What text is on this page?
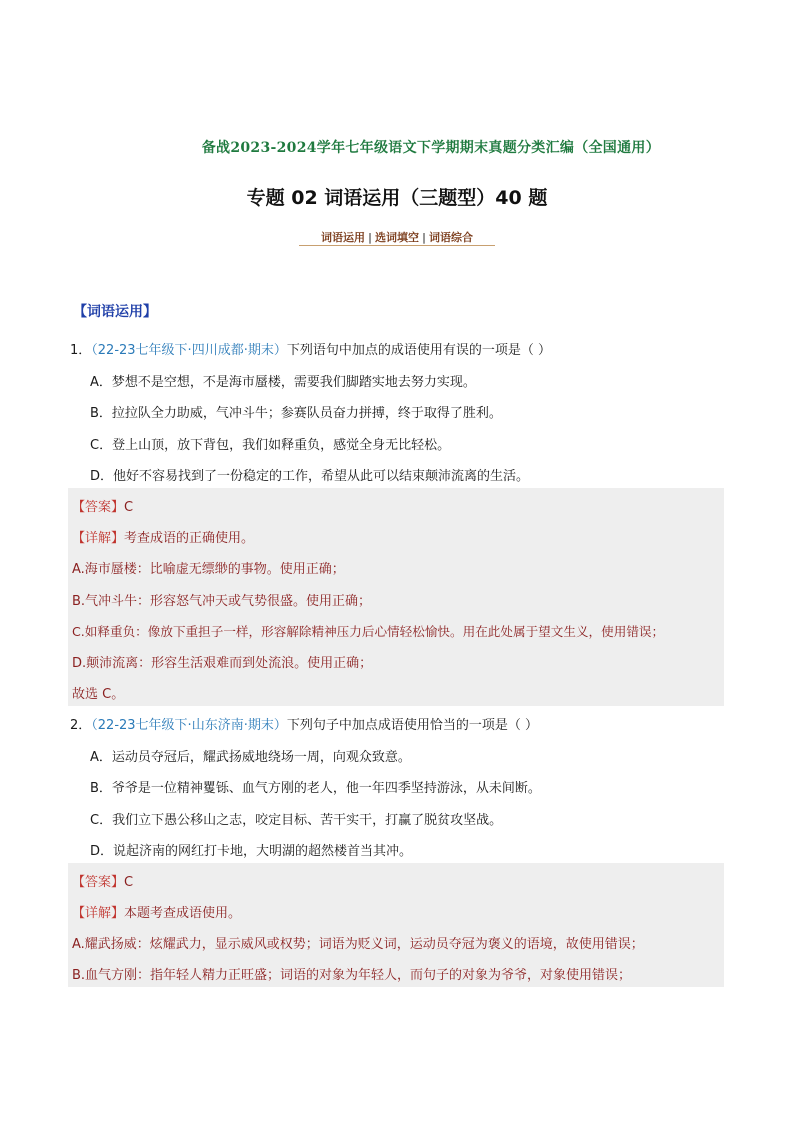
备战2023-2024学年七年级语文下学期期末真题分类汇编（全国通用）
专题 02 词语运用（三题型）40 题
词语运用 | 选词填空 | 词语综合
【词语运用】
1．（22-23七年级下·四川成都·期末）下列语句中加点的成语使用有误的一项是（ ）
A．梦想不是空想，不是海市蜃楼，需要我们脚踏实地去努力实现。
B．拉拉队全力助威，气冲斗牛；参赛队员奋力拼搏，终于取得了胜利。
C．登上山顶，放下背包，我们如释重负，感觉全身无比轻松。
D．他好不容易找到了一份稳定的工作，希望从此可以结束颠沛流离的生活。
【答案】C
【详解】考查成语的正确使用。
A.海市蜃楼：比喻虚无缥缈的事物。使用正确；
B.气冲斗牛：形容怒气冲天或气势很盛。使用正确；
C.如释重负：像放下重担子一样，形容解除精神压力后心情轻松愉快。用在此处属于望文生义，使用错误；
D.颠沛流离：形容生活艰难而到处流浪。使用正确；
故选 C。
2．（22-23七年级下·山东济南·期末）下列句子中加点成语使用恰当的一项是（ ）
A．运动员夺冠后，耀武扬威地绕场一周，向观众致意。
B．爷爷是一位精神矍铄、血气方刚的老人，他一年四季坚持游泳，从未间断。
C．我们立下愚公移山之志，咬定目标、苦干实干，打赢了脱贫攻坚战。
D．说起济南的网红打卡地，大明湖的超然楼首当其冲。
【答案】C
【详解】本题考查成语使用。
A.耀武扬威：炫耀武力，显示威风或权势；词语为贬义词，运动员夺冠为褒义的语境，故使用错误；
B.血气方刚：指年轻人精力正旺盛；词语的对象为年轻人，而句子的对象为爷爷，对象使用错误；
